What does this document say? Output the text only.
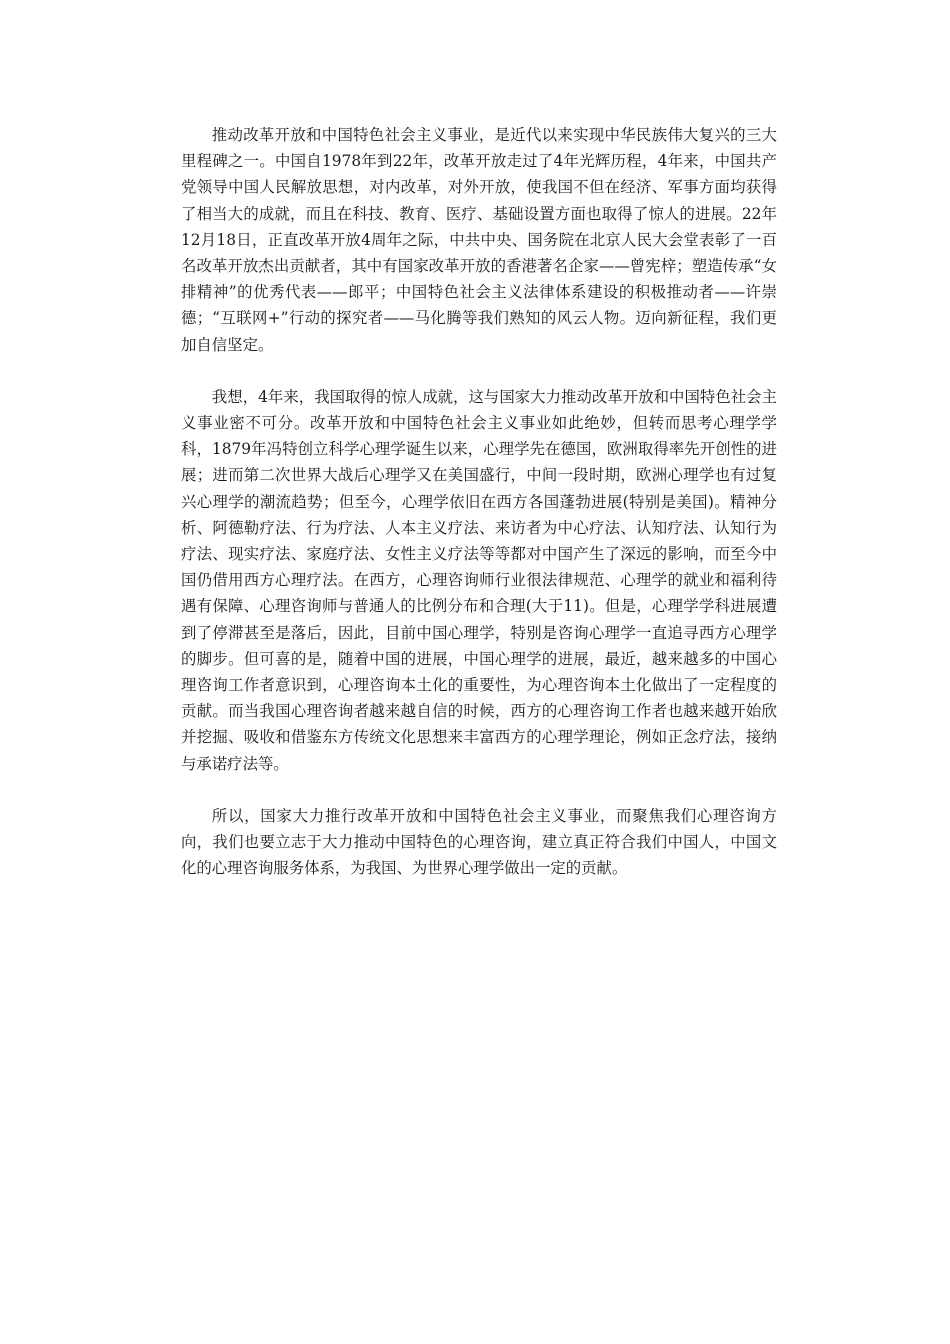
推动改革开放和中国特色社会主义事业，是近代以来实现中华民族伟大复兴的三大里程碑之一。中国自1978年到22年，改革开放走过了4年光辉历程，4年来，中国共产党领导中国人民解放思想，对内改革，对外开放，使我国不但在经济、军事方面均获得了相当大的成就，而且在科技、教育、医疗、基础设置方面也取得了惊人的进展。22年12月18日，正直改革开放4周年之际，中共中央、国务院在北京人民大会堂表彰了一百名改革开放杰出贡献者，其中有国家改革开放的香港著名企家——曾宪梓；塑造传承“女排精神”的优秀代表——郎平；中国特色社会主义法律体系建设的积极推动者——许崇德；“互联网+”行动的探究者——马化腾等我们熟知的风云人物。迈向新征程，我们更加自信坚定。

我想，4年来，我国取得的惊人成就，这与国家大力推动改革开放和中国特色社会主义事业密不可分。改革开放和中国特色社会主义事业如此绝妙，但转而思考心理学学科，1879年冯特创立科学心理学诞生以来，心理学先在德国，欧洲取得率先开创性的进展；进而第二次世界大战后心理学又在美国盛行，中间一段时期，欧洲心理学也有过复兴心理学的潮流趋势；但至今，心理学依旧在西方各国蓬勃进展(特别是美国)。精神分析、阿德勒疗法、行为疗法、人本主义疗法、来访者为中心疗法、认知疗法、认知行为疗法、现实疗法、家庭疗法、女性主义疗法等等都对中国产生了深远的影响，而至今中国仍借用西方心理疗法。在西方，心理咨询师行业很法律规范、心理学的就业和福利待遇有保障、心理咨询师与普通人的比例分布和合理(大于11)。但是，心理学学科进展遭到了停滞甚至是落后，因此，目前中国心理学，特别是咨询心理学一直追寻西方心理学的脚步。但可喜的是，随着中国的进展，中国心理学的进展，最近，越来越多的中国心理咨询工作者意识到，心理咨询本土化的重要性，为心理咨询本土化做出了一定程度的贡献。而当我国心理咨询者越来越自信的时候，西方的心理咨询工作者也越来越开始欣并挖掘、吸收和借鉴东方传统文化思想来丰富西方的心理学理论，例如正念疗法，接纳与承诺疗法等。

所以，国家大力推行改革开放和中国特色社会主义事业，而聚焦我们心理咨询方向，我们也要立志于大力推动中国特色的心理咨询，建立真正符合我们中国人，中国文化的心理咨询服务体系，为我国、为世界心理学做出一定的贡献。
